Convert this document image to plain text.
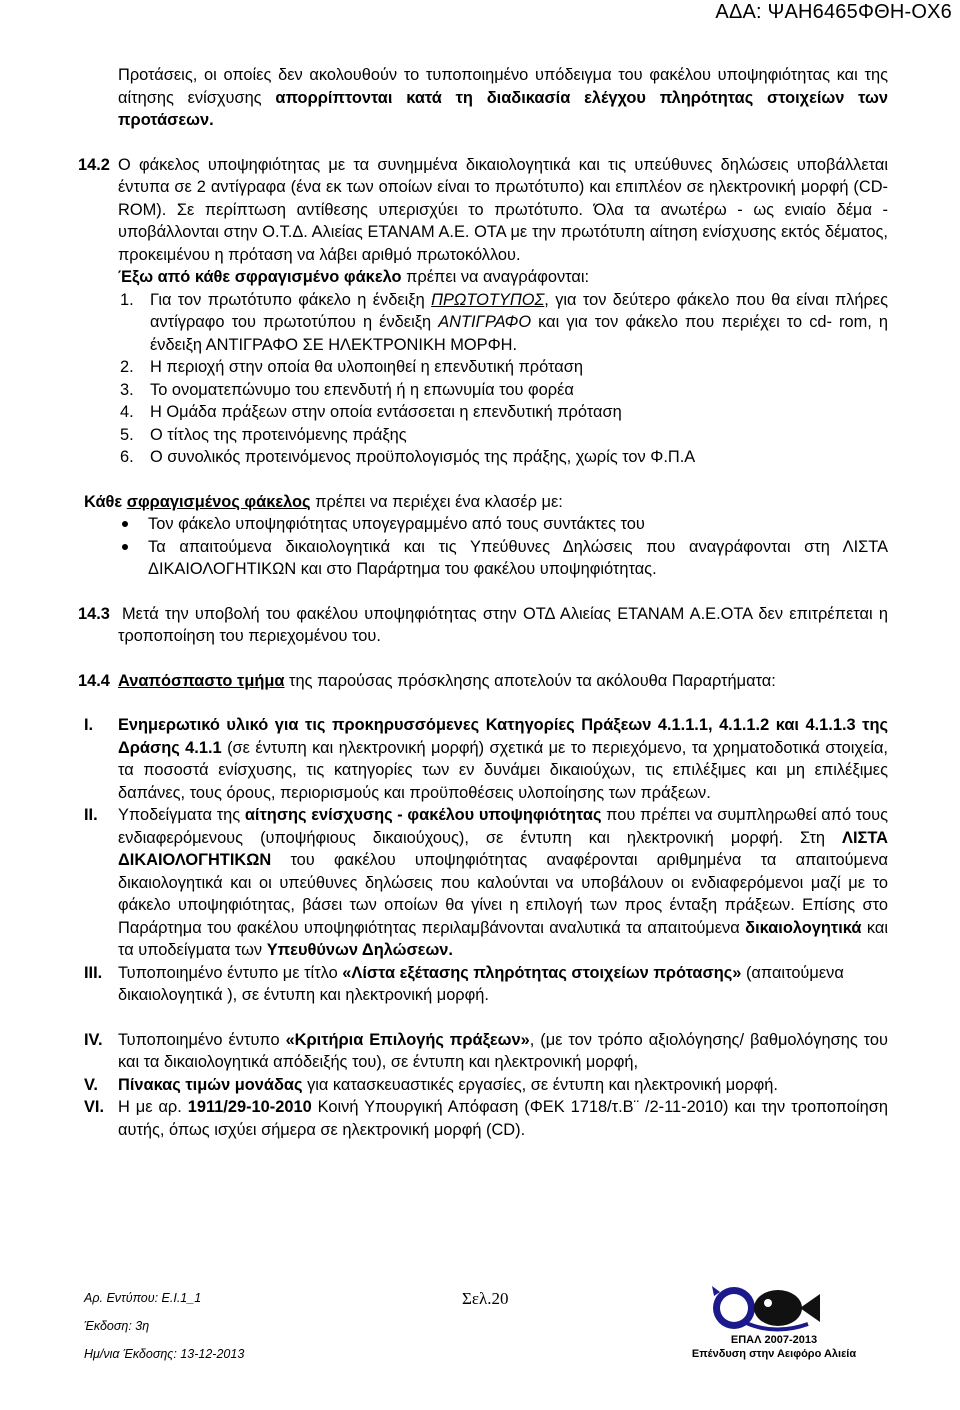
ΑΔΑ: ΨΑΗ6465ΦΘΗ-ΟΧ6

Προτάσεις, οι οποίες δεν ακολουθούν το τυποποιημένο υπόδειγμα του φακέλου υποψηφιότητας και της αίτησης ενίσχυσης απορρίπτονται κατά τη διαδικασία ελέγχου πληρότητας στοιχείων των προτάσεων.

14.2 Ο φάκελος υποψηφιότητας με τα συνημμένα δικαιολογητικά και τις υπεύθυνες δηλώσεις υποβάλλεται έντυπα σε 2 αντίγραφα (ένα εκ των οποίων είναι το πρωτότυπο) και επιπλέον σε ηλεκτρονική μορφή (CD-ROM). Σε περίπτωση αντίθεσης υπερισχύει το πρωτότυπο. Όλα τα ανωτέρω - ως ενιαίο δέμα - υποβάλλονται στην Ο.Τ.Δ. Αλιείας ΕΤΑΝΑΜ Α.Ε. ΟΤΑ με την πρωτότυπη αίτηση ενίσχυσης εκτός δέματος, προκειμένου η πρόταση να λάβει αριθμό πρωτοκόλλου.

Έξω από κάθε σφραγισμένο φάκελο πρέπει να αναγράφονται:

1. Για τον πρωτότυπο φάκελο η ένδειξη ΠΡΩΤΟΤΥΠΟΣ, για τον δεύτερο φάκελο που θα είναι πλήρες αντίγραφο του πρωτοτύπου η ένδειξη ΑΝΤΙΓΡΑΦΟ και για τον φάκελο που περιέχει το cd- rom, η ένδειξη ΑΝΤΙΓΡΑΦΟ ΣΕ ΗΛΕΚΤΡΟΝΙΚΗ ΜΟΡΦΗ.
2. Η περιοχή στην οποία θα υλοποιηθεί η επενδυτική πρόταση
3. Το ονοματεπώνυμο του επενδυτή ή η επωνυμία του φορέα
4. Η Ομάδα πράξεων στην οποία εντάσσεται η επενδυτική πρόταση
5. Ο τίτλος της προτεινόμενης πράξης
6. Ο συνολικός προτεινόμενος προϋπολογισμός της πράξης, χωρίς τον Φ.Π.Α

Κάθε σφραγισμένος φάκελος πρέπει να περιέχει ένα κλασέρ με:

Τον φάκελο υποψηφιότητας υπογεγραμμένο από τους συντάκτες του
Τα απαιτούμενα δικαιολογητικά και τις Υπεύθυνες Δηλώσεις που αναγράφονται στη ΛΙΣΤΑ ΔΙΚΑΙΟΛΟΓΗΤΙΚΩΝ και στο Παράρτημα του φακέλου υποψηφιότητας.
14.3 Μετά την υποβολή του φακέλου υποψηφιότητας στην ΟΤΔ Αλιείας ΕΤΑΝΑΜ Α.Ε.ΟΤΑ δεν επιτρέπεται η τροποποίηση του περιεχομένου του.

14.4 Αναπόσπαστο τμήμα της παρούσας πρόσκλησης αποτελούν τα ακόλουθα Παραρτήματα:

I. Ενημερωτικό υλικό για τις προκηρυσσόμενες Κατηγορίες Πράξεων 4.1.1.1, 4.1.1.2 και 4.1.1.3 της Δράσης 4.1.1 (σε έντυπη και ηλεκτρονική μορφή) σχετικά με το περιεχόμενο, τα χρηματοδοτικά στοιχεία, τα ποσοστά ενίσχυσης, τις κατηγορίες των εν δυνάμει δικαιούχων, τις επιλέξιμες και μη επιλέξιμες δαπάνες, τους όρους, περιορισμούς και προϋποθέσεις υλοποίησης των πράξεων.

II. Υποδείγματα της αίτησης ενίσχυσης - φακέλου υποψηφιότητας που πρέπει να συμπληρωθεί από τους ενδιαφερόμενους (υποψήφιους δικαιούχους), σε έντυπη και ηλεκτρονική μορφή. Στη ΛΙΣΤΑ ΔΙΚΑΙΟΛΟΓΗΤΙΚΩΝ του φακέλου υποψηφιότητας αναφέρονται αριθμημένα τα απαιτούμενα δικαιολογητικά και οι υπεύθυνες δηλώσεις που καλούνται να υποβάλουν οι ενδιαφερόμενοι μαζί με το φάκελο υποψηφιότητας, βάσει των οποίων θα γίνει η επιλογή των προς ένταξη πράξεων. Επίσης στο Παράρτημα του φακέλου υποψηφιότητας περιλαμβάνονται αναλυτικά τα απαιτούμενα δικαιολογητικά και τα υποδείγματα των Υπευθύνων Δηλώσεων.

III. Τυποποιημένο έντυπο με τίτλο «Λίστα εξέτασης πληρότητας στοιχείων πρότασης» (απαιτούμενα δικαιολογητικά ), σε έντυπη και ηλεκτρονική μορφή.

IV. Τυποποιημένο έντυπο «Κριτήρια Επιλογής πράξεων», (με τον τρόπο αξιολόγησης/ βαθμολόγησης του και τα δικαιολογητικά απόδειξής του), σε έντυπη και ηλεκτρονική μορφή,

V. Πίνακας τιμών μονάδας για κατασκευαστικές εργασίες, σε έντυπη και ηλεκτρονική μορφή.

VI. Η με αρ. 1911/29-10-2010 Κοινή Υπουργική Απόφαση (ΦΕΚ 1718/τ.Β¨ /2-11-2010) και την τροποποίηση αυτής, όπως ισχύει σήμερα σε ηλεκτρονική μορφή (CD).

Αρ. Εντύπου: Ε.Ι.1_1
Έκδοση: 3η
Ημ/νια Έκδοσης: 13-12-2013
Σελ.20
ΕΠΑΛ 2007-2013
Επένδυση στην Αειφόρο Αλιεία
